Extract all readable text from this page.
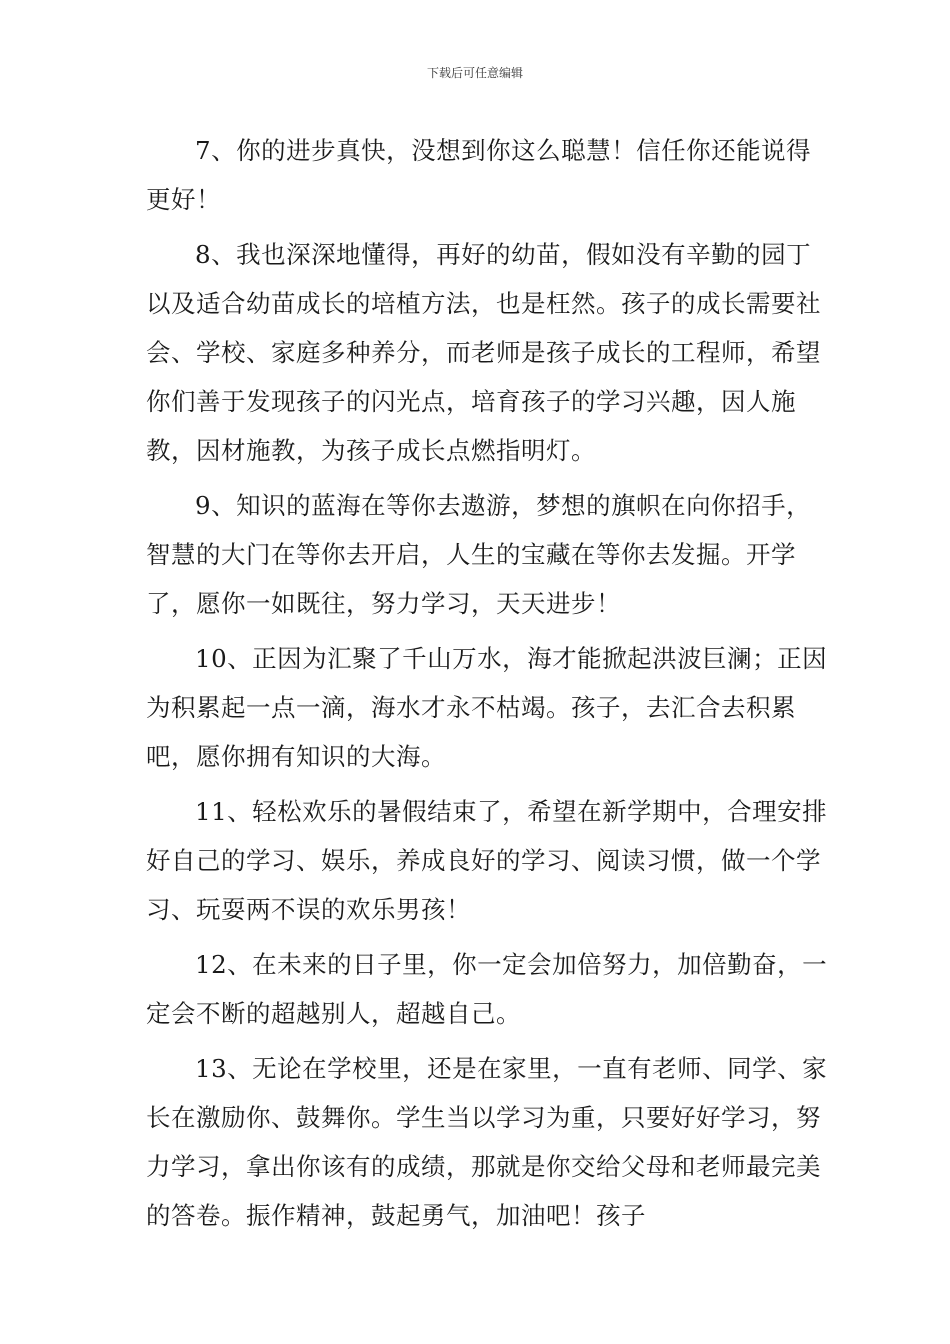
下载后可任意编辑

7、你的进步真快，没想到你这么聪慧！信任你还能说得更好！

8、我也深深地懂得，再好的幼苗，假如没有辛勤的园丁以及适合幼苗成长的培植方法，也是枉然。孩子的成长需要社会、学校、家庭多种养分，而老师是孩子成长的工程师，希望你们善于发现孩子的闪光点，培育孩子的学习兴趣，因人施教，因材施教，为孩子成长点燃指明灯。

9、知识的蓝海在等你去遨游，梦想的旗帜在向你招手，智慧的大门在等你去开启，人生的宝藏在等你去发掘。开学了，愿你一如既往，努力学习，天天进步！

10、正因为汇聚了千山万水，海才能掀起洪波巨澜；正因为积累起一点一滴，海水才永不枯竭。孩子，去汇合去积累吧，愿你拥有知识的大海。

11、轻松欢乐的暑假结束了，希望在新学期中，合理安排好自己的学习、娱乐，养成良好的学习、阅读习惯，做一个学习、玩耍两不误的欢乐男孩！

12、在未来的日子里，你一定会加倍努力，加倍勤奋，一定会不断的超越别人，超越自己。

13、无论在学校里，还是在家里，一直有老师、同学、家长在激励你、鼓舞你。学生当以学习为重，只要好好学习，努力学习，拿出你该有的成绩，那就是你交给父母和老师最完美的答卷。振作精神，鼓起勇气，加油吧！孩子
